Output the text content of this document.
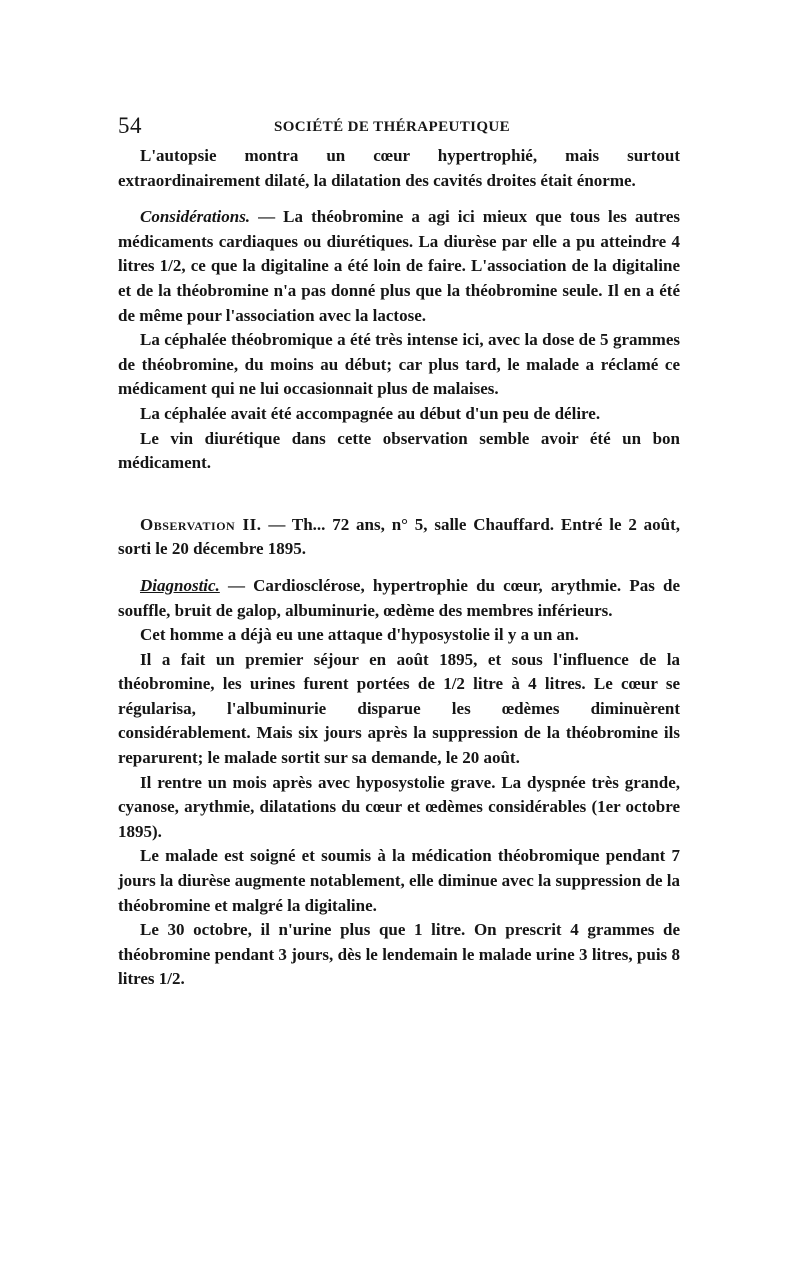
54	SOCIÉTÉ DE THÉRAPEUTIQUE

L'autopsie montra un cœur hypertrophié, mais surtout extraordinairement dilaté, la dilatation des cavités droites était énorme.

Considérations. — La théobromine a agi ici mieux que tous les autres médicaments cardiaques ou diurétiques. La diurèse par elle a pu atteindre 4 litres 1/2, ce que la digitaline a été loin de faire. L'association de la digitaline et de la théobromine n'a pas donné plus que la théobromine seule. Il en a été de même pour l'association avec la lactose.

La céphalée théobromique a été très intense ici, avec la dose de 5 grammes de théobromine, du moins au début; car plus tard, le malade a réclamé ce médicament qui ne lui occasionnait plus de malaises.

La céphalée avait été accompagnée au début d'un peu de délire.

Le vin diurétique dans cette observation semble avoir été un bon médicament.

Observation II. — Th... 72 ans, n° 5, salle Chauffard. Entré le 2 août, sorti le 20 décembre 1895.

Diagnostic. — Cardiosclérose, hypertrophie du cœur, arythmie. Pas de souffle, bruit de galop, albuminurie, œdème des membres inférieurs.

Cet homme a déjà eu une attaque d'hyposystolie il y a un an.

Il a fait un premier séjour en août 1895, et sous l'influence de la théobromine, les urines furent portées de 1/2 litre à 4 litres. Le cœur se régularisa, l'albuminurie disparue les œdèmes diminuèrent considérablement. Mais six jours après la suppression de la théobromine ils reparurent; le malade sortit sur sa demande, le 20 août.

Il rentre un mois après avec hyposystolie grave. La dyspnée très grande, cyanose, arythmie, dilatations du cœur et œdèmes considérables (1er octobre 1895).

Le malade est soigné et soumis à la médication théobromique pendant 7 jours la diurèse augmente notablement, elle diminue avec la suppression de la théobromine et malgré la digitaline.

Le 30 octobre, il n'urine plus que 1 litre. On prescrit 4 grammes de théobromine pendant 3 jours, dès le lendemain le malade urine 3 litres, puis 8 litres 1/2.
